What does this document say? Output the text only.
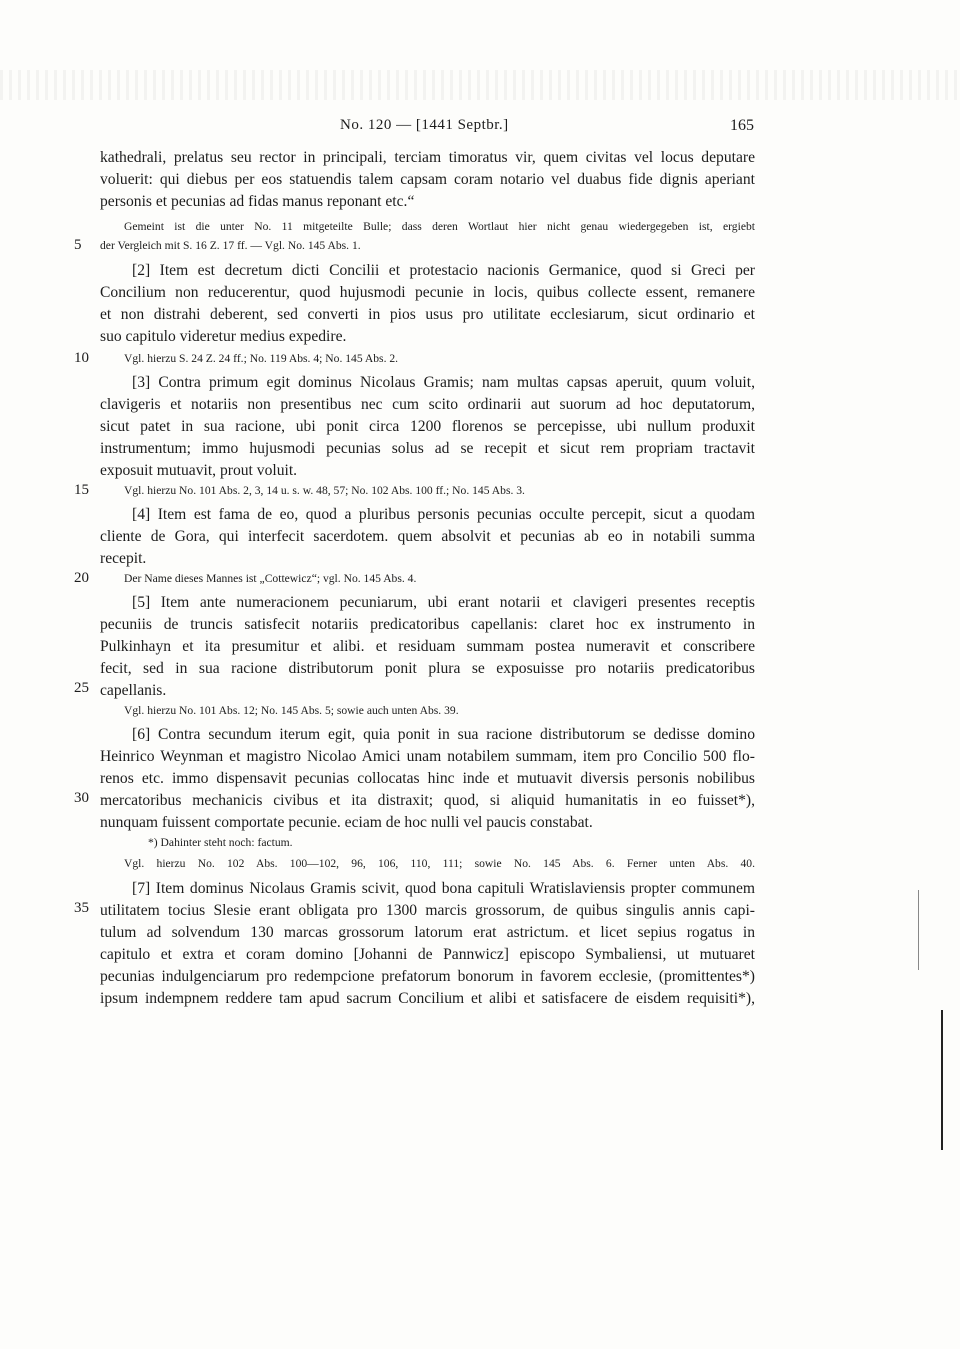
No. 120 — [1441 Septbr.]	165
kathedrali, prelatus seu rector in principali, terciam timoratus vir, quem civitas vel locus deputare
voluerit: qui diebus per eos statuendis talem capsam coram notario vel duabus fide dignis aperiant
personis et pecunias ad fidas manus reponant etc.“
Gemeint ist die unter No. 11 mitgeteilte Bulle; dass deren Wortlaut hier nicht genau wiedergegeben ist, ergiebt
der Vergleich mit S. 16 Z. 17 ff. — Vgl. No. 145 Abs. 1.
[2] Item est decretum dicti Concilii et protestacio nacionis Germanice, quod si Greci per
Concilium non reducerentur, quod hujusmodi pecunie in locis, quibus collecte essent, remanere
et non distrahi deberent, sed converti in pios usus pro utilitate ecclesiarum, sicut ordinario et
suo capitulo videretur medius expedire.
Vgl. hierzu S. 24 Z. 24 ff.; No. 119 Abs. 4; No. 145 Abs. 2.
[3] Contra primum egit dominus Nicolaus Gramis; nam multas capsas aperuit, quum voluit,
clavigeris et notariis non presentibus nec cum scito ordinarii aut suorum ad hoc deputatorum,
sicut patet in sua racione, ubi ponit circa 1200 florenos se percepisse, ubi nullum produxit
instrumentum; immo hujusmodi pecunias solus ad se recepit et sicut rem propriam tractavit
exposuit mutuavit, prout voluit.
Vgl. hierzu No. 101 Abs. 2, 3, 14 u. s. w. 48, 57; No. 102 Abs. 100 ff.; No. 145 Abs. 3.
[4] Item est fama de eo, quod a pluribus personis pecunias occulte percepit, sicut a quodam
cliente de Gora, qui interfecit sacerdotem. quem absolvit et pecunias ab eo in notabili summa
recepit.
Der Name dieses Mannes ist „Cottewicz“; vgl. No. 145 Abs. 4.
[5] Item ante numeracionem pecuniarum, ubi erant notarii et clavigeri presentes receptis
pecuniis de truncis satisfecit notariis predicatoribus capellanis: claret hoc ex instrumento in
Pulkinhayn et ita presumitur et alibi. et residuam summam postea numeravit et conscribere
fecit, sed in sua racione distributorum ponit plura se exposuisse pro notariis predicatoribus
capellanis.
Vgl. hierzu No. 101 Abs. 12; No. 145 Abs. 5; sowie auch unten Abs. 39.
[6] Contra secundum iterum egit, quia ponit in sua racione distributorum se dedisse domino
Heinrico Weynman et magistro Nicolao Amici unam notabilem summam, item pro Concilio 500 flo-
renos etc. immo dispensavit pecunias collocatas hinc inde et mutuavit diversis personis nobilibus
mercatoribus mechanicis civibus et ita distraxit; quod, si aliquid humanitatis in eo fuisset*),
nunquam fuissent comportate pecunie. eciam de hoc nulli vel paucis constabat.
*) Dahinter steht noch: factum.
Vgl. hierzu No. 102 Abs. 100—102, 96, 106, 110, 111; sowie No. 145 Abs. 6. Ferner unten Abs. 40.
[7] Item dominus Nicolaus Gramis scivit, quod bona capituli Wratislaviensis propter communem
utilitatem tocius Slesie erant obligata pro 1300 marcis grossorum, de quibus singulis annis capi-
tulum ad solvendum 130 marcas grossorum latorum erat astrictum. et licet sepius rogatus in
capitulo et extra et coram domino [Johanni de Pannwicz] episcopo Symbaliensi, ut mutuaret
pecunias indulgenciarum pro redempcione prefatorum bonorum in favorem ecclesie, (promittentes*)
ipsum indempnem reddere tam apud sacrum Concilium et alibi et satisfacere de eisdem requisiti*),
5
10
15
20
25
30
35
